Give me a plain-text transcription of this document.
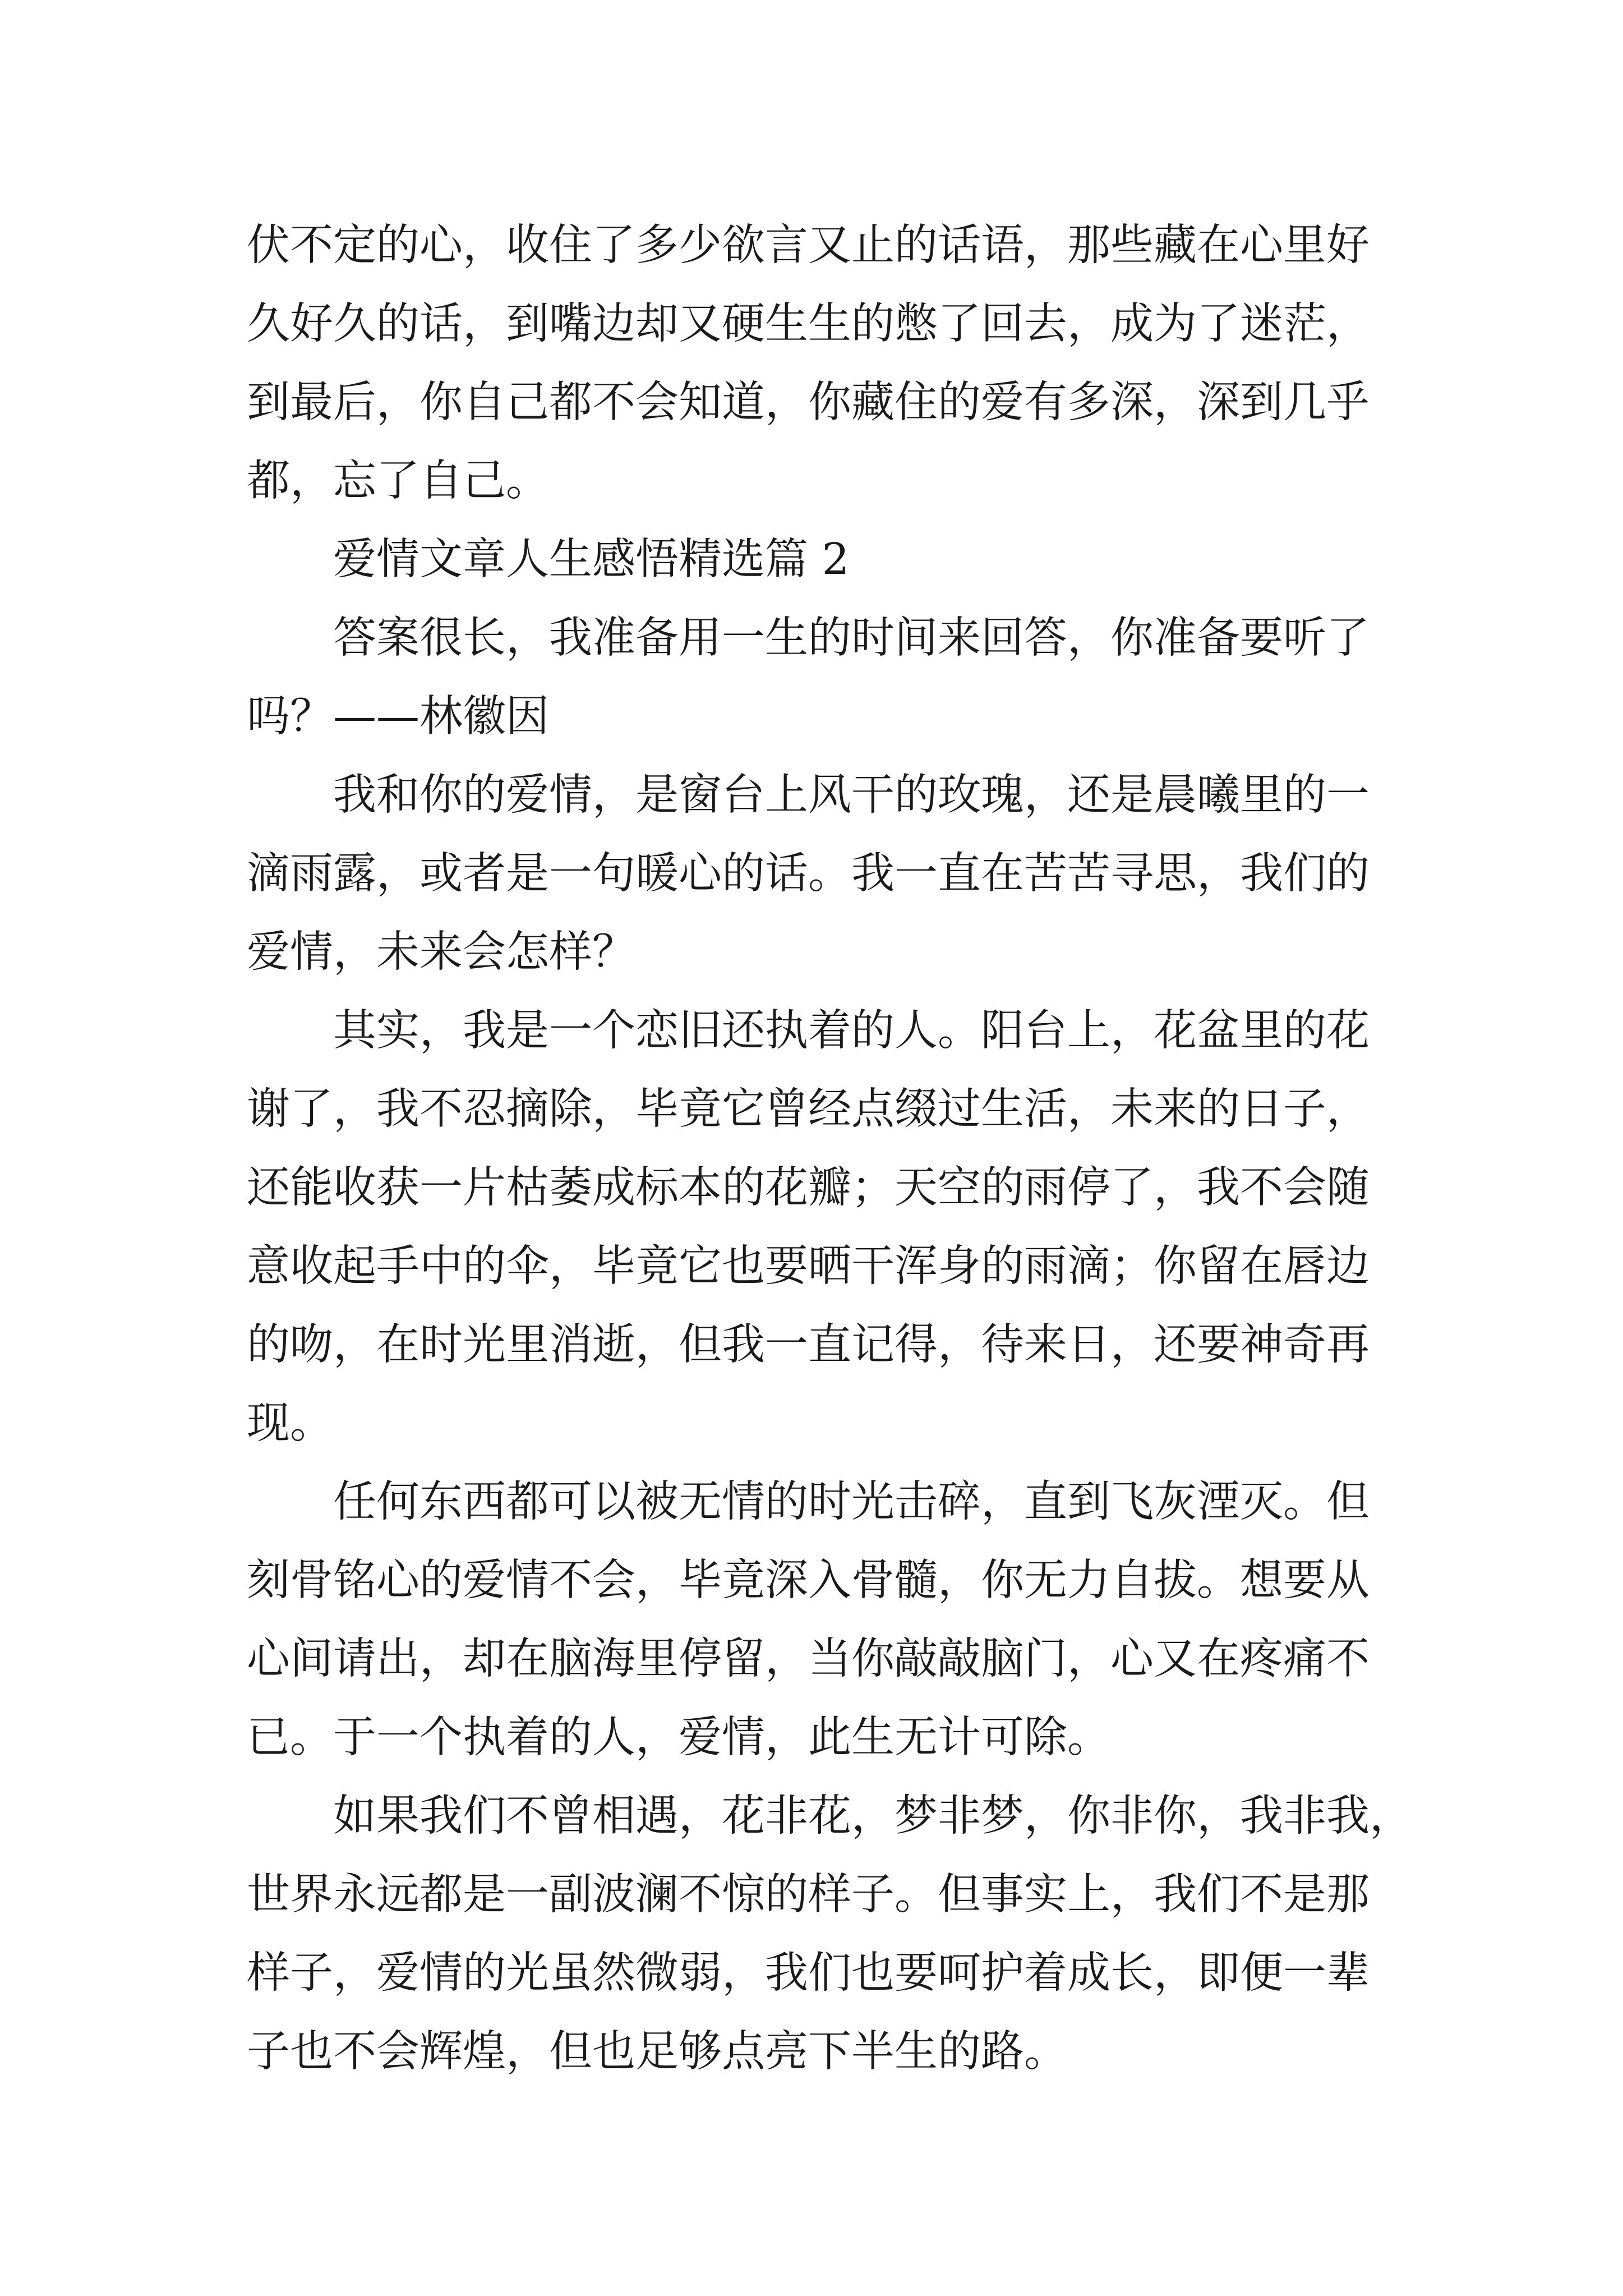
伏不定的心，收住了多少欲言又止的话语，那些藏在心里好
久好久的话，到嘴边却又硬生生的憋了回去，成为了迷茫，
到最后，你自己都不会知道，你藏住的爱有多深，深到几乎
都，忘了自己。
爱情文章人生感悟精选篇 2
答案很长，我准备用一生的时间来回答，你准备要听了
吗？——林徽因
我和你的爱情，是窗台上风干的玫瑰，还是晨曦里的一
滴雨露，或者是一句暖心的话。我一直在苦苦寻思，我们的
爱情，未来会怎样？
其实，我是一个恋旧还执着的人。阳台上，花盆里的花
谢了，我不忍摘除，毕竟它曾经点缀过生活，未来的日子，
还能收获一片枯萎成标本的花瓣；天空的雨停了，我不会随
意收起手中的伞，毕竟它也要晒干浑身的雨滴；你留在唇边
的吻，在时光里消逝，但我一直记得，待来日，还要神奇再
现。
任何东西都可以被无情的时光击碎，直到飞灰湮灭。但
刻骨铭心的爱情不会，毕竟深入骨髓，你无力自拔。想要从
心间请出，却在脑海里停留，当你敲敲脑门，心又在疼痛不
已。于一个执着的人，爱情，此生无计可除。
如果我们不曾相遇，花非花，梦非梦，你非你，我非我，
世界永远都是一副波澜不惊的样子。但事实上，我们不是那
样子，爱情的光虽然微弱，我们也要呵护着成长，即便一辈
子也不会辉煌，但也足够点亮下半生的路。
